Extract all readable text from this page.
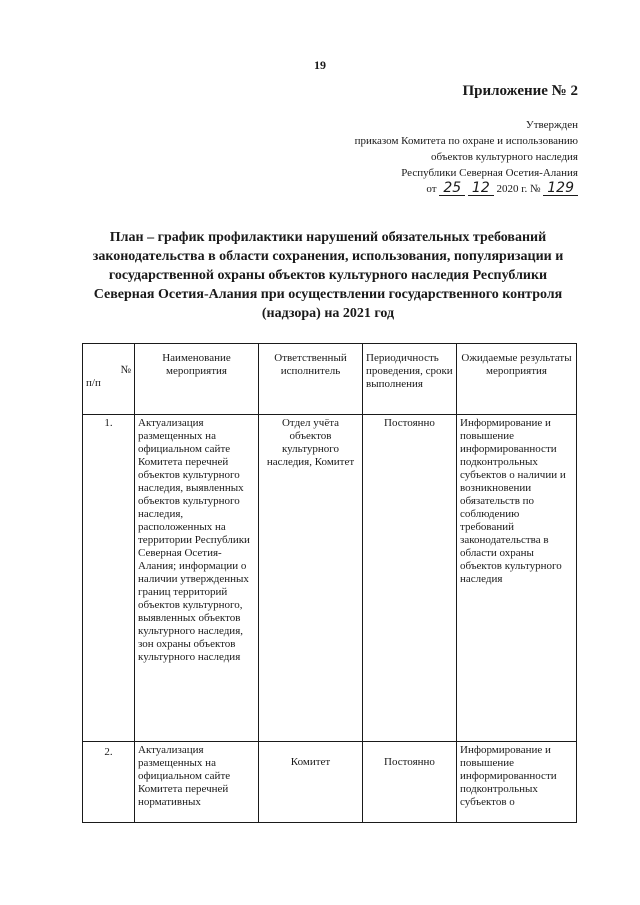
19
Приложение № 2
Утвержден
приказом Комитета по охране и использованию
объектов культурного наследия
Республики Северная Осетия-Алания
от 25 12 2020 г. № 129
План – график профилактики нарушений обязательных требований законодательства в области сохранения, использования, популяризации и государственной охраны объектов культурного наследия Республики Северная Осетия-Алания при осуществлении государственного контроля (надзора) на 2021 год
№
п/п	Наименование мероприятия	Ответственный исполнитель	Периодичность проведения, сроки выполнения	Ожидаемые результаты мероприятия
1.	Актуализация размещенных на официальном сайте Комитета перечней объектов культурного наследия, выявленных объектов культурного наследия, расположенных на территории Республики Северная Осетия-Алания; информации о наличии утвержденных границ территорий объектов культурного, выявленных объектов культурного наследия, зон охраны объектов культурного наследия	Отдел учёта объектов культурного наследия, Комитет	Постоянно	Информирование и повышение информированности подконтрольных субъектов о наличии и возникновении обязательств по соблюдению требований законодательства в области охраны объектов культурного наследия
2.	Актуализация размещенных на официальном сайте Комитета перечней нормативных	Комитет	Постоянно	Информирование и повышение информированности подконтрольных субъектов о
